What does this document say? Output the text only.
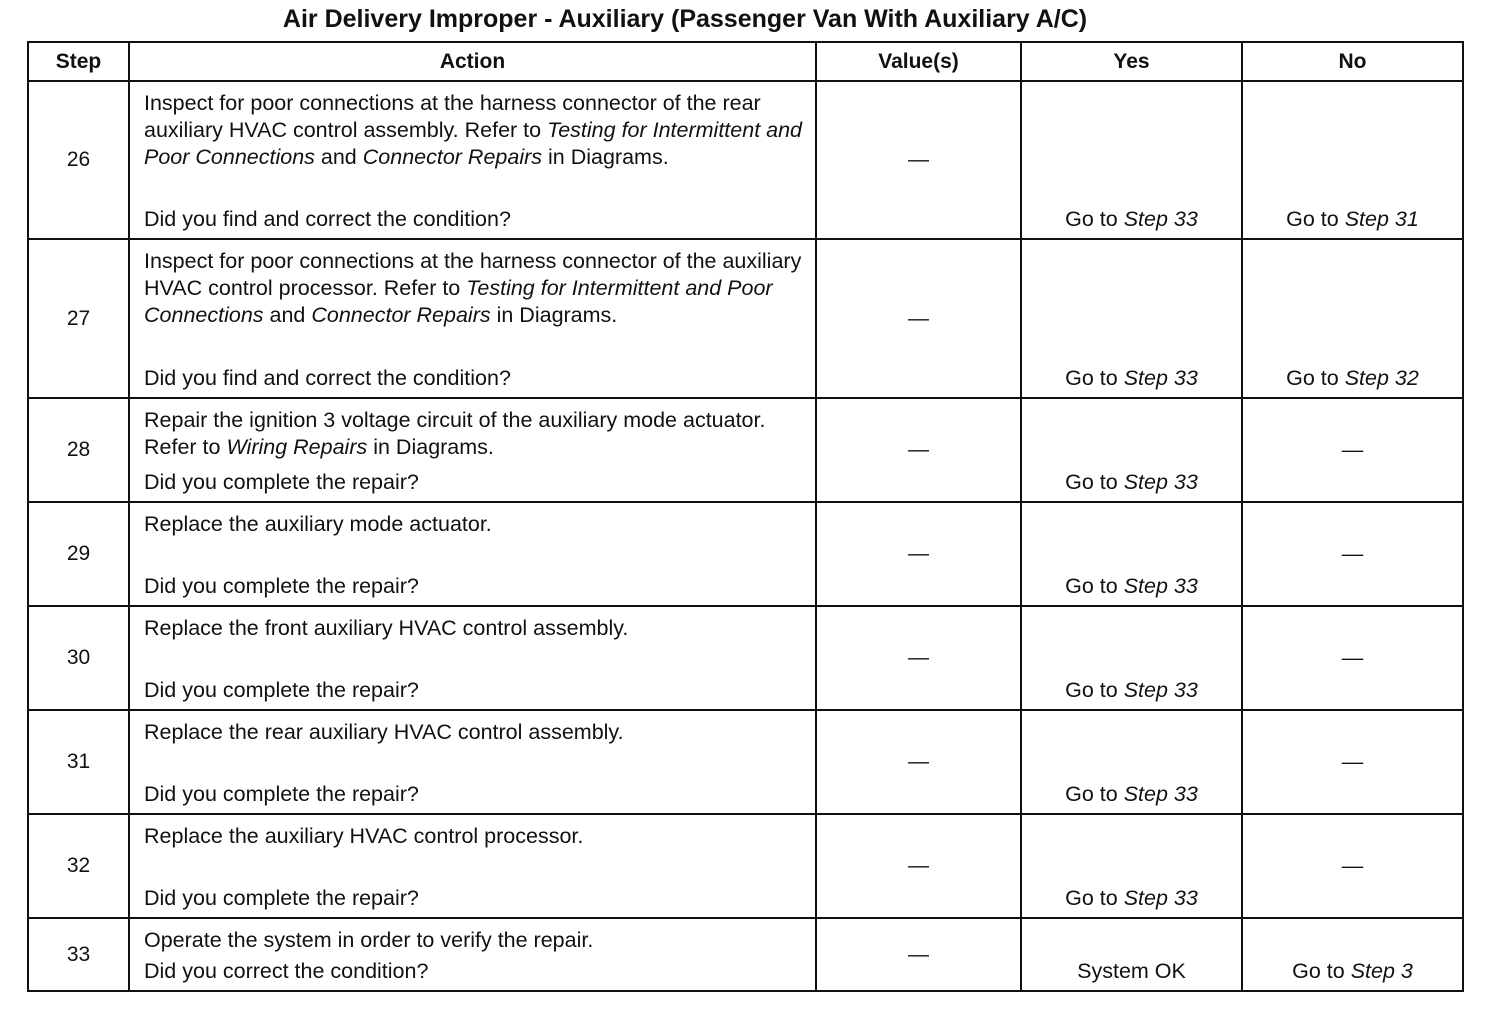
Air Delivery Improper - Auxiliary (Passenger Van With Auxiliary A/C)
Step	Action	Value(s)	Yes	No
26	Inspect for poor connections at the harness connector of the rear auxiliary HVAC control assembly. Refer to Testing for Intermittent and Poor Connections and Connector Repairs in Diagrams.
Did you find and correct the condition?	—	Go to Step 33	Go to Step 31

27	Inspect for poor connections at the harness connector of the auxiliary HVAC control processor. Refer to Testing for Intermittent and Poor Connections and Connector Repairs in Diagrams.
Did you find and correct the condition?	—	Go to Step 33	Go to Step 32

28	Repair the ignition 3 voltage circuit of the auxiliary mode actuator. Refer to Wiring Repairs in Diagrams.
Did you complete the repair?	—	Go to Step 33	—

29	Replace the auxiliary mode actuator.
Did you complete the repair?	—	Go to Step 33	—

30	Replace the front auxiliary HVAC control assembly.
Did you complete the repair?	—	Go to Step 33	—

31	Replace the rear auxiliary HVAC control assembly.
Did you complete the repair?	—	Go to Step 33	—

32	Replace the auxiliary HVAC control processor.
Did you complete the repair?	—	Go to Step 33	—

33	Operate the system in order to verify the repair.
Did you correct the condition?	—	System OK	Go to Step 3
